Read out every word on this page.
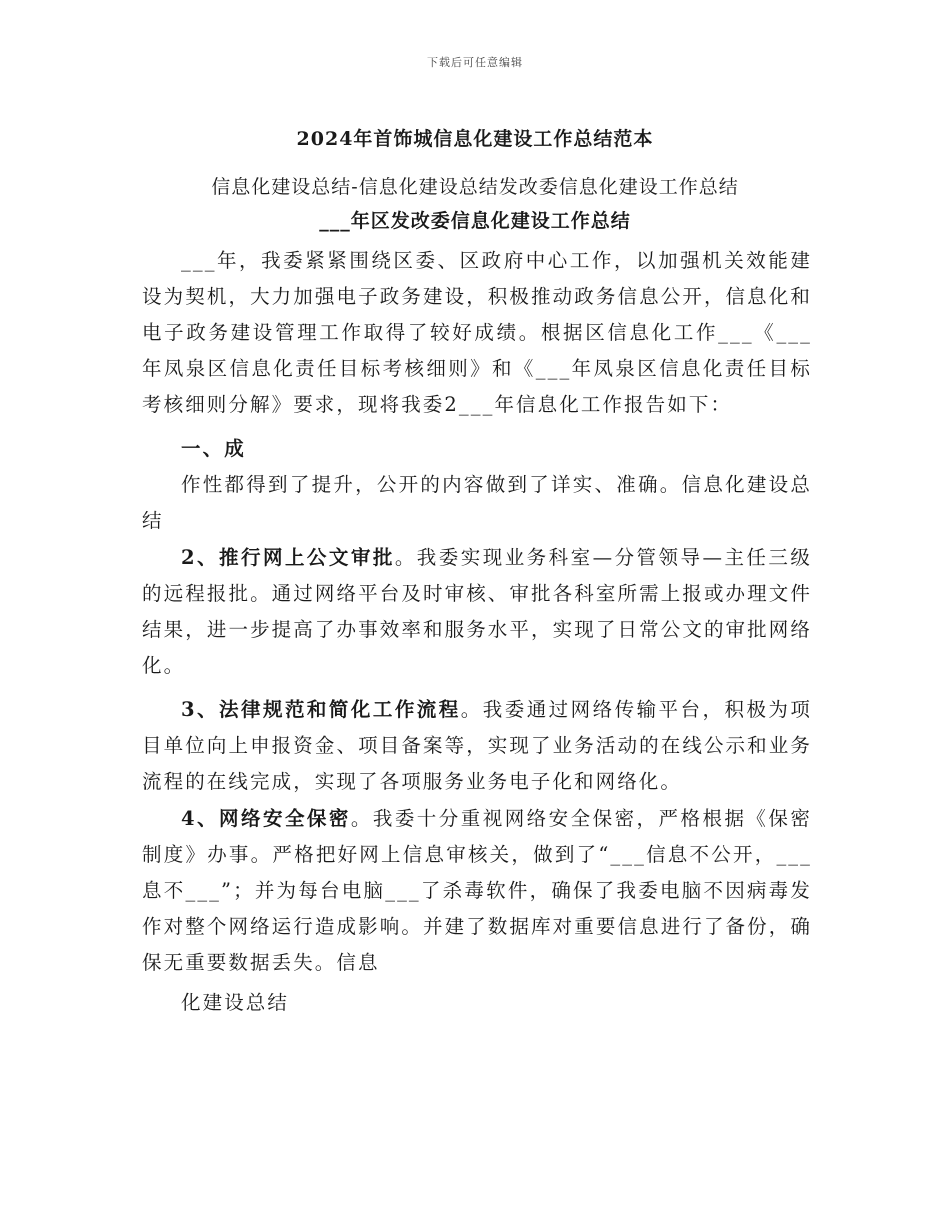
下载后可任意编辑
2024年首饰城信息化建设工作总结范本
信息化建设总结-信息化建设总结发改委信息化建设工作总结
___年区发改委信息化建设工作总结

___年，我委紧紧围绕区委、区政府中心工作，以加强机关效能建设为契机，大力加强电子政务建设，积极推动政务信息公开，信息化和电子政务建设管理工作取得了较好成绩。根据区信息化工作___《___年凤泉区信息化责任目标考核细则》和《___年凤泉区信息化责任目标考核细则分解》要求，现将我委2___年信息化工作报告如下：

一、成

作性都得到了提升，公开的内容做到了详实、准确。信息化建设总结

2、推行网上公文审批。我委实现业务科室—分管领导—主任三级的远程报批。通过网络平台及时审核、审批各科室所需上报或办理文件结果，进一步提高了办事效率和服务水平，实现了日常公文的审批网络化。

3、法律规范和简化工作流程。我委通过网络传输平台，积极为项目单位向上申报资金、项目备案等，实现了业务活动的在线公示和业务流程的在线完成，实现了各项服务业务电子化和网络化。

4、网络安全保密。我委十分重视网络安全保密，严格根据《保密制度》办事。严格把好网上信息审核关，做到了“___信息不公开，___息不___”；并为每台电脑___了杀毒软件，确保了我委电脑不因病毒发作对整个网络运行造成影响。并建了数据库对重要信息进行了备份，确保无重要数据丢失。信息

化建设总结
